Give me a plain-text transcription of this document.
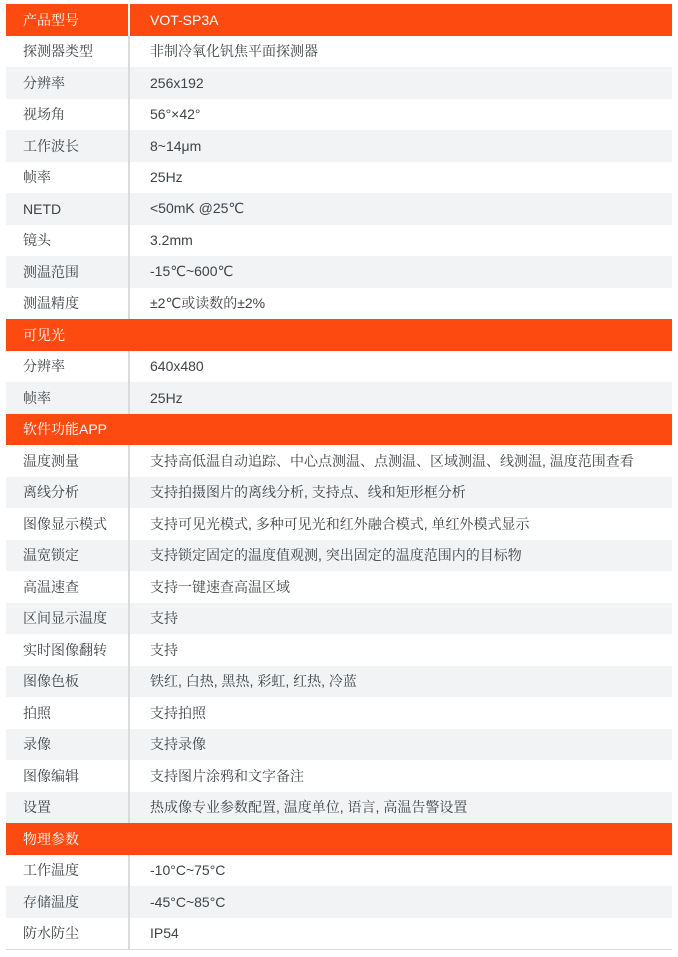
产品型号	VOT-SP3A
探测器类型	非制冷氧化钒焦平面探测器
分辨率	256x192
视场角	56°×42°
工作波长	8~14μm
帧率	25Hz
NETD	<50mK @25℃
镜头	3.2mm
测温范围	-15℃~600℃
测温精度	±2℃或读数的±2%
可见光
分辨率	640x480
帧率	25Hz
软件功能APP
温度测量	支持高低温自动追踪、中心点测温、点测温、区域测温、线测温, 温度范围查看
离线分析	支持拍摄图片的离线分析, 支持点、线和矩形框分析
图像显示模式	支持可见光模式, 多种可见光和红外融合模式, 单红外模式显示
温宽锁定	支持锁定固定的温度值观测, 突出固定的温度范围内的目标物
高温速查	支持一键速查高温区域
区间显示温度	支持
实时图像翻转	支持
图像色板	铁红, 白热, 黑热, 彩虹, 红热, 冷蓝
拍照	支持拍照
录像	支持录像
图像编辑	支持图片涂鸦和文字备注
设置	热成像专业参数配置, 温度单位, 语言, 高温告警设置
物理参数
工作温度	-10°C~75°C
存储温度	-45°C~85°C
防水防尘	IP54
